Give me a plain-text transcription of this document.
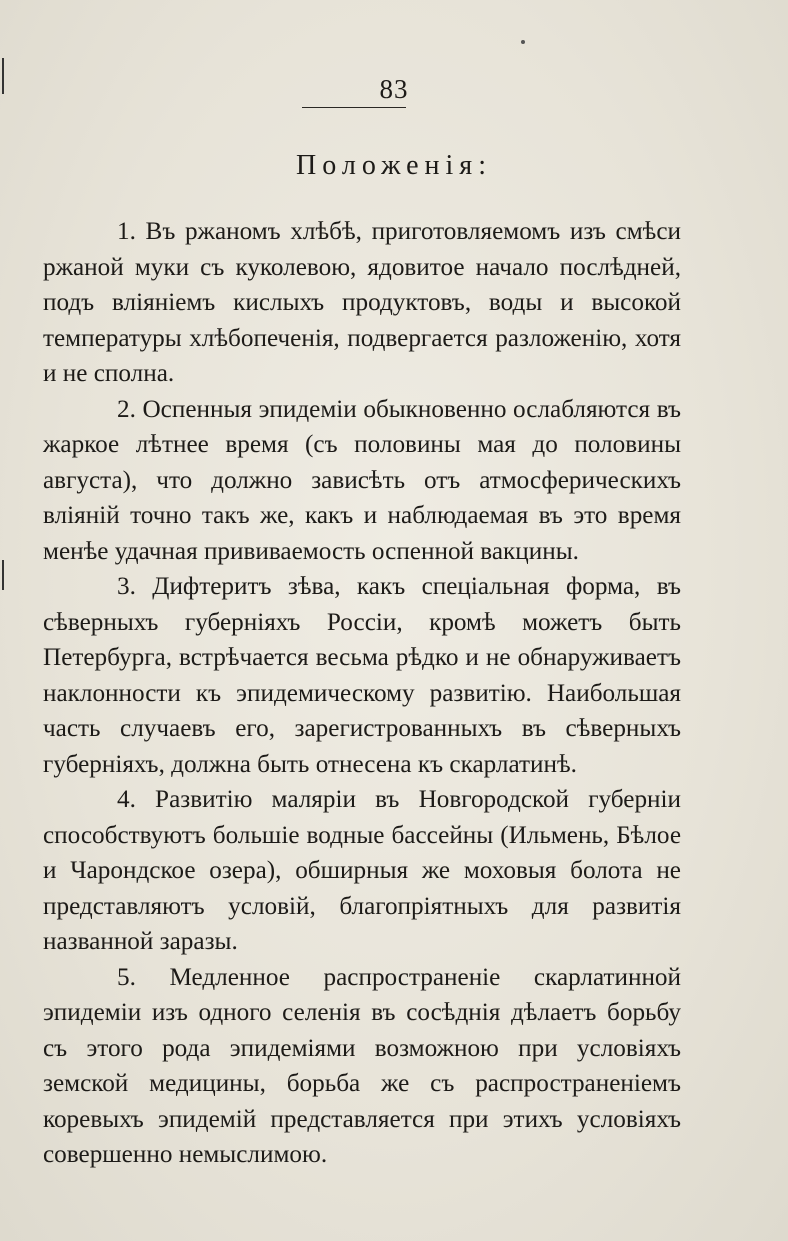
83
Положенія:

1. Въ ржаномъ хлѣбѣ, приготовляемомъ изъ смѣси ржаной муки съ куколевою, ядовитое начало послѣдней, подъ вліяніемъ кислыхъ продуктовъ, воды и высокой температуры хлѣбопеченія, подвергается разложенію, хотя и не сполна.

2. Оспенныя эпидеміи обыкновенно ослабляются въ жаркое лѣтнее время (съ половины мая до половины августа), что должно зависѣть отъ атмосферическихъ вліяній точно такъ же, какъ и наблюдаемая въ это время менѣе удачная прививаемость оспенной вакцины.

3. Дифтеритъ зѣва, какъ спеціальная форма, въ сѣверныхъ губерніяхъ Россіи, кромѣ можетъ быть Петербурга, встрѣчается весьма рѣдко и не обнаруживаетъ наклонности къ эпидемическому развитію. Наибольшая часть случаевъ его, зарегистрованныхъ въ сѣверныхъ губерніяхъ, должна быть отнесена къ скарлатинѣ.

4. Развитію маляріи въ Новгородской губерніи способствуютъ большіе водные бассейны (Ильмень, Бѣлое и Чарондское озера), обширныя же моховыя болота не представляютъ условій, благопріятныхъ для развитія названной заразы.

5. Медленное распространеніе скарлатинной эпидеміи изъ одного селенія въ сосѣднія дѣлаетъ борьбу съ этого рода эпидеміями возможною при условіяхъ земской медицины, борьба же съ распространеніемъ коревыхъ эпидемій представляется при этихъ условіяхъ совершенно немыслимою.
